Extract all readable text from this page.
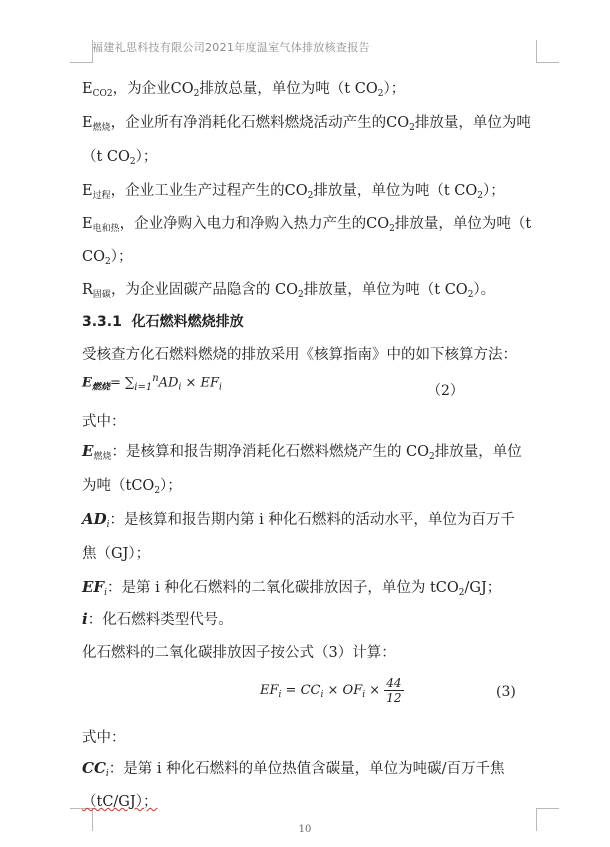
福建礼思科技有限公司2021年度温室气体排放核查报告
$E_{CO2}$，为企业$CO_2$排放总量，单位为吨（t $CO_2$）；
$E_{燃烧}$，企业所有净消耗化石燃料燃烧活动产生的$CO_2$排放量，单位为吨
（t $CO_2$）；
$E_{过程}$，企业工业生产过程产生的$CO_2$排放量，单位为吨（t $CO_2$）；
$E_{电和热}$，企业净购入电力和净购入热力产生的$CO_2$排放量，单位为吨（t
$CO_2$）；
$R_{固碳}$，为企业固碳产品隐含的 $CO_2$排放量，单位为吨（t $CO_2$）。
3.3.1 化石燃料燃烧排放
受核查方化石燃料燃烧的排放采用《核算指南》中的如下核算方法：
$E_{燃烧}= \sum_{i=1}^nAD_i \times EF_i$	（2）
式中：
$E_{燃烧}$：是核算和报告期净消耗化石燃料燃烧产生的 $CO_2$排放量，单位
为吨（tCO$_2$）；
$AD_i$：是核算和报告期内第 i 种化石燃料的活动水平，单位为百万千
焦（GJ）；
$EF_i$：是第 i 种化石燃料的二氧化碳排放因子，单位为 tCO$_2$/GJ；
i：化石燃料类型代号。
化石燃料的二氧化碳排放因子按公式（3）计算：
$EF_i = CC_i \times OF_i \times \frac{44}{12}$	(3)
式中：
$CC_i$：是第 i 种化石燃料的单位热值含碳量，单位为吨碳/百万千焦
（tC/GJ）；
10
